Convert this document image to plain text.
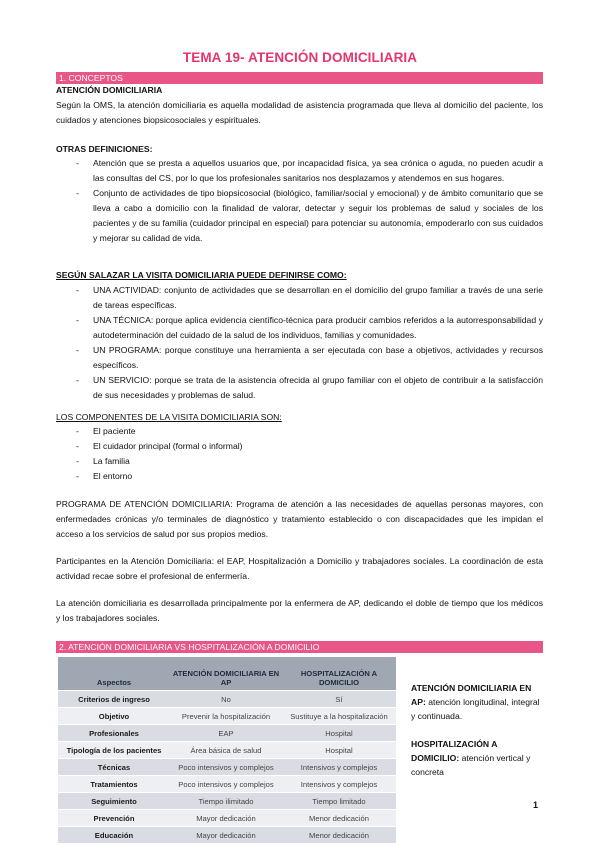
TEMA 19- ATENCIÓN DOMICILIARIA
1. CONCEPTOS
ATENCIÓN DOMICILIARIA
Según la OMS, la atención domiciliaria es aquella modalidad de asistencia programada que lleva al domicilio del paciente, los cuidados y atenciones biopsicosociales y espirituales.
OTRAS DEFINICIONES:
- Atención que se presta a aquellos usuarios que, por incapacidad física, ya sea crónica o aguda, no pueden acudir a las consultas del CS, por lo que los profesionales sanitarios nos desplazamos y atendemos en sus hogares.
- Conjunto de actividades de tipo biopsicosocial (biológico, familiar/social y emocional) y de ámbito comunitario que se lleva a cabo a domicilio con la finalidad de valorar, detectar y seguir los problemas de salud y sociales de los pacientes y de su familia (cuidador principal en especial) para potenciar su autonomía, empoderarlo con sus cuidados y mejorar su calidad de vida.
SEGÚN SALAZAR LA VISITA DOMICILIARIA PUEDE DEFINIRSE COMO:
- UNA ACTIVIDAD: conjunto de actividades que se desarrollan en el domicilio del grupo familiar a través de una serie de tareas específicas.
- UNA TÉCNICA: porque aplica evidencia científico-técnica para producir cambios referidos a la autorresponsabilidad y autodeterminación del cuidado de la salud de los individuos, familias y comunidades.
- UN PROGRAMA: porque constituye una herramienta a ser ejecutada con base a objetivos, actividades y recursos específicos.
- UN SERVICIO: porque se trata de la asistencia ofrecida al grupo familiar con el objeto de contribuir a la satisfacción de sus necesidades y problemas de salud.
LOS COMPONENTES DE LA VISITA DOMICILIARIA SON:
- El paciente
- El cuidador principal (formal o informal)
- La familia
- El entorno
PROGRAMA DE ATENCIÓN DOMICILIARIA: Programa de atención a las necesidades de aquellas personas mayores, con enfermedades crónicas y/o terminales de diagnóstico y tratamiento establecido o con discapacidades que les impidan el acceso a los servicios de salud por sus propios medios.
Participantes en la Atención Domiciliaria: el EAP, Hospitalización a Domicilio y trabajadores sociales. La coordinación de esta actividad recae sobre el profesional de enfermería.
La atención domiciliaria es desarrollada principalmente por la enfermera de AP, dedicando el doble de tiempo que los médicos y los trabajadores sociales.
2. ATENCIÓN DOMICILIARIA VS HOSPITALIZACIÓN A DOMICILIO
Aspectos	ATENCIÓN DOMICILIARIA EN AP	HOSPITALIZACIÓN A DOMICILIO
Criterios de ingreso	No	Sí
Objetivo	Prevenir la hospitalización	Sustituye a la hospitalización
Profesionales	EAP	Hospital
Tipología de los pacientes	Área básica de salud	Hospital
Técnicas	Poco intensivos y complejos	Intensivos y complejos
Tratamientos	Poco intensivos y complejos	Intensivos y complejos
Seguimiento	Tiempo ilimitado	Tiempo limitado
Prevención	Mayor dedicación	Menor dedicación
Educación	Mayor dedicación	Menor dedicación
ATENCIÓN DOMICILIARIA EN AP: atención longitudinal, integral y continuada.
HOSPITALIZACIÓN A DOMICILIO: atención vertical y concreta
1
